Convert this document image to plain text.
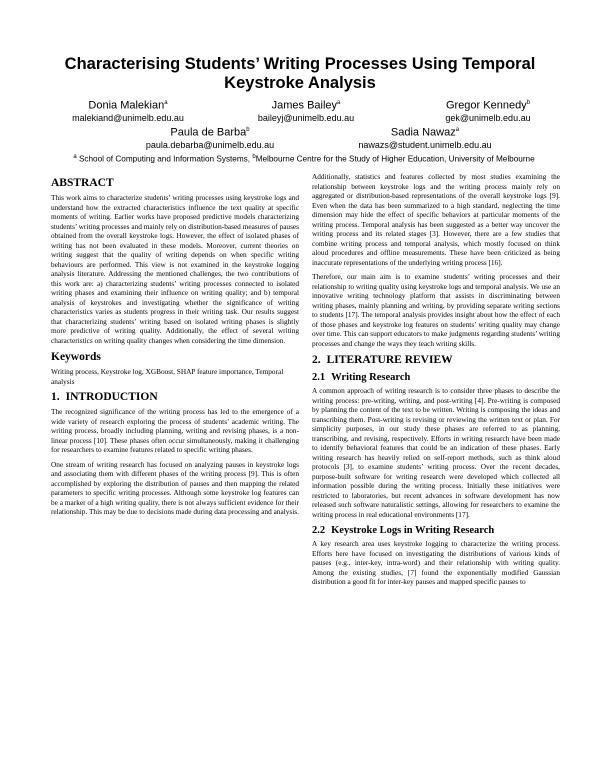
Characterising Students’ Writing Processes Using Temporal Keystroke Analysis
Donia Malekian$^a$
malekiand@unimelb.edu.au
James Bailey$^a$
baileyj@unimelb.edu.au
Gregor Kennedy$^b$
gek@unimelb.edu.au
Paula de Barba$^b$
paula.debarba@unimelb.edu.au
Sadia Nawaz$^a$
nawazs@student.unimelb.edu.au
$^a$ School of Computing and Information Systems, $^b$Melbourne Centre for the Study of Higher Education, University of Melbourne
ABSTRACT

This work aims to characterize students’ writing processes using keystroke logs and understand how the extracted characteristics influence the text quality at specific moments of writing. Earlier works have proposed predictive models characterizing students’ writing processes and mainly rely on distribution-based measures of pauses obtained from the overall keystroke logs. However, the effect of isolated phases of writing has not been evaluated in these models. Moreover, current theories on writing suggest that the quality of writing depends on when specific writing behaviours are performed. This view is not examined in the keystroke logging analysis literature. Addressing the mentioned challenges, the two contributions of this work are: a) characterizing students’ writing processes connected to isolated writing phases and examining their influence on writing quality; and b) temporal analysis of keystrokes and investigating whether the significance of writing characteristics varies as students progress in their writing task. Our results suggest that characterizing students’ writing based on isolated writing phases is slightly more predictive of writing quality. Additionally, the effect of several writing characteristics on writing quality changes when considering the time dimension.

Keywords

Writing process, Keystroke log, XGBoost, SHAP feature importance, Temporal analysis

1. INTRODUCTION

The recognized significance of the writing process has led to the emergence of a wide variety of research exploring the process of students’ academic writing. The writing process, broadly including planning, writing and revising phases, is a non-linear process [10]. These phases often occur simultaneously, making it challenging for researchers to examine features related to specific writing phases.

One stream of writing research has focused on analyzing pauses in keystroke logs and associating them with different phases of the writing process [9]. This is often accomplished by exploring the distribution of pauses and then mapping the related parameters to specific writing processes. Although some keystroke log features can be a marker of a high writing quality, there is not always sufficient evidence for their relationship. This may be due to decisions made during data processing and analysis.

Additionally, statistics and features collected by most studies examining the relationship between keystroke logs and the writing process mainly rely on aggregated or distribution-based representations of the overall keystroke logs [9]. Even when the data has been summarized to a high standard, neglecting the time dimension may hide the effect of specific behaviors at particular moments of the writing process. Temporal analysis has been suggested as a better way uncover the writing process and its related stages [3]. However, there are a few studies that combine writing process and temporal analysis, which mostly focused on think aloud procedures and offline measurements. These have been criticized as being inaccurate representations of the underlying writing process [16].

Therefore, our main aim is to examine students’ writing processes and their relationship to writing quality using keystroke logs and temporal analysis. We use an innovative writing technology platform that assists in discriminating between writing phases, mainly planning and writing, by providing separate writing sections to students [17]. The temporal analysis provides insight about how the effect of each of those phases and keystroke log features on students’ writing quality may change over time. This can support educators to make judgments regarding students’ writing processes and change the ways they teach writing skills.

2. LITERATURE REVIEW
2.1 Writing Research

A common approach of writing research is to consider three phases to describe the writing process: pre-writing, writing, and post-writing [4]. Pre-writing is composed by planning the content of the text to be written. Writing is composing the ideas and transcribing them. Post-writing is revising or reviewing the written text or plan. For simplicity purposes, in our study these phases are referred to as planning, transcribing, and revising, respectively. Efforts in writing research have been made to identify behavioral features that could be an indication of these phases. Early writing research has heavily relied on self-report methods, such as think aloud protocols [3], to examine students’ writing process. Over the recent decades, purpose-built software for writing research were developed which collected all information possible during the writing process. Initially these initiatives were restricted to laboratories, but recent advances in software development has now released such software naturalistic settings, allowing for researchers to examine the writing process in real educational environments [17].

2.2 Keystroke Logs in Writing Research

A key research area uses keystroke logging to characterize the writing process. Efforts here have focused on investigating the distributions of various kinds of pauses (e.g., inter-key, intra-word) and their relationship with writing quality. Among the existing studies, [7] found the exponentially modified Gaussian distribution a good fit for inter-key pauses and mapped specific pauses to
